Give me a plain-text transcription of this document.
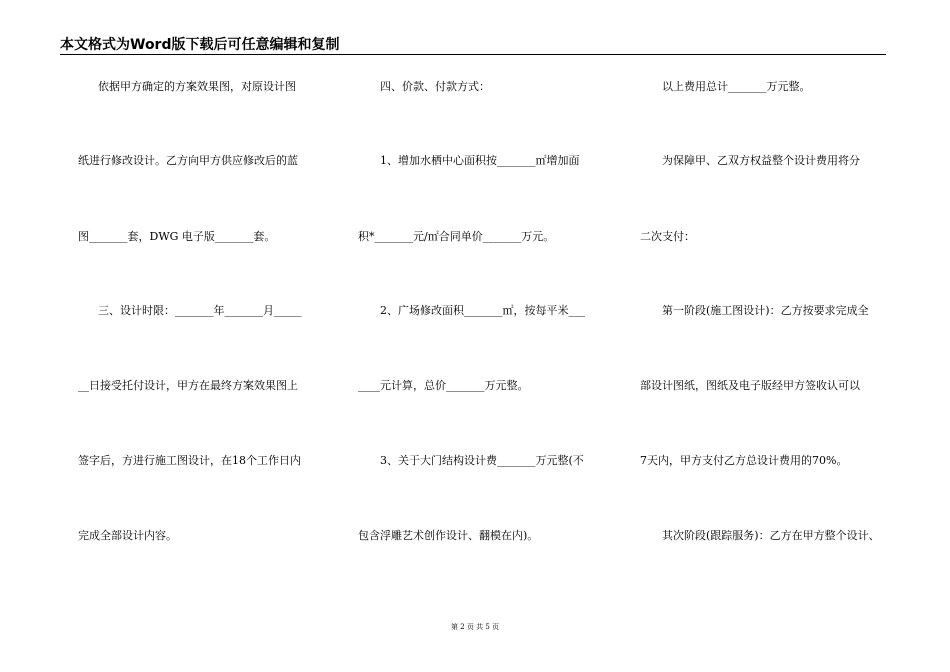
本文格式为Word版下载后可任意编辑和复制
依据甲方确定的方案效果图，对原设计图
纸进行修改设计。乙方向甲方供应修改后的蓝
图_______套，DWG 电子版_______套。
三、设计时限：_______年_______月_____
__日接受托付设计，甲方在最终方案效果图上
签字后，方进行施工图设计，在18个工作日内
完成全部设计内容。
四、价款、付款方式：
1、增加水栖中心面积按_______㎡增加面
积*_______元/㎡合同单价_______万元。
2、广场修改面积_______㎡，按每平米___
____元计算，总价_______万元整。
3、关于大门结构设计费_______万元整(不
包含浮雕艺术创作设计、翻模在内)。
以上费用总计_______万元整。
为保障甲、乙双方权益整个设计费用将分
二次支付：
第一阶段(施工图设计)：乙方按要求完成全
部设计图纸，图纸及电子版经甲方签收认可以
7天内，甲方支付乙方总设计费用的70%。
其次阶段(跟踪服务)：乙方在甲方整个设计、
第 2 页 共 5 页
